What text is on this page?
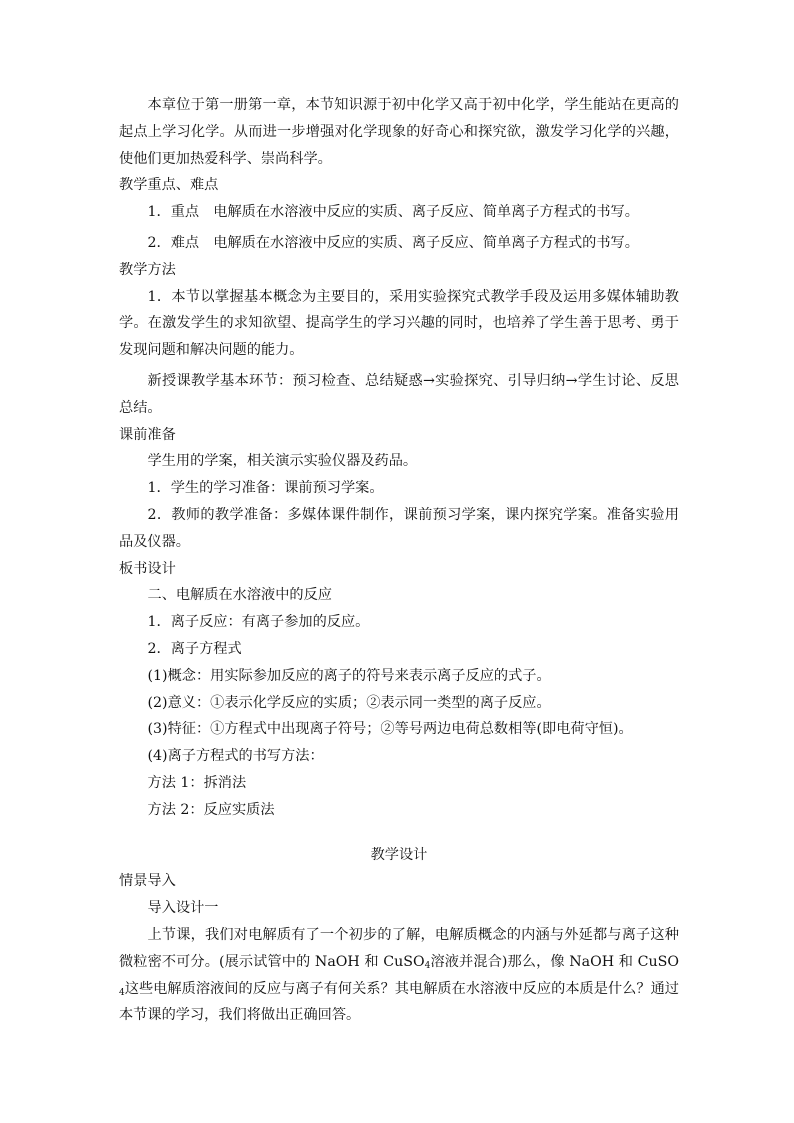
本章位于第一册第一章，本节知识源于初中化学又高于初中化学，学生能站在更高的起点上学习化学。从而进一步增强对化学现象的好奇心和探究欲，激发学习化学的兴趣，使他们更加热爱科学、崇尚科学。

教学重点、难点

1．重点　电解质在水溶液中反应的实质、离子反应、简单离子方程式的书写。

2．难点　电解质在水溶液中反应的实质、离子反应、简单离子方程式的书写。

教学方法

1．本节以掌握基本概念为主要目的，采用实验探究式教学手段及运用多媒体辅助教学。在激发学生的求知欲望、提高学生的学习兴趣的同时，也培养了学生善于思考、勇于发现问题和解决问题的能力。

新授课教学基本环节：预习检查、总结疑惑→实验探究、引导归纳→学生讨论、反思总结。

课前准备

学生用的学案，相关演示实验仪器及药品。

1．学生的学习准备：课前预习学案。

2．教师的教学准备：多媒体课件制作，课前预习学案，课内探究学案。准备实验用品及仪器。

板书设计

二、电解质在水溶液中的反应

1．离子反应：有离子参加的反应。

2．离子方程式

(1)概念：用实际参加反应的离子的符号来表示离子反应的式子。

(2)意义：①表示化学反应的实质；②表示同一类型的离子反应。

(3)特征：①方程式中出现离子符号；②等号两边电荷总数相等(即电荷守恒)。

(4)离子方程式的书写方法：

方法 1：拆消法

方法 2：反应实质法

教学设计

情景导入

导入设计一

上节课，我们对电解质有了一个初步的了解，电解质概念的内涵与外延都与离子这种微粒密不可分。(展示试管中的 NaOH 和 CuSO$_4$溶液并混合)那么，像 NaOH 和 CuSO$_4$这些电解质溶液间的反应与离子有何关系？其电解质在水溶液中反应的本质是什么？通过本节课的学习，我们将做出正确回答。
